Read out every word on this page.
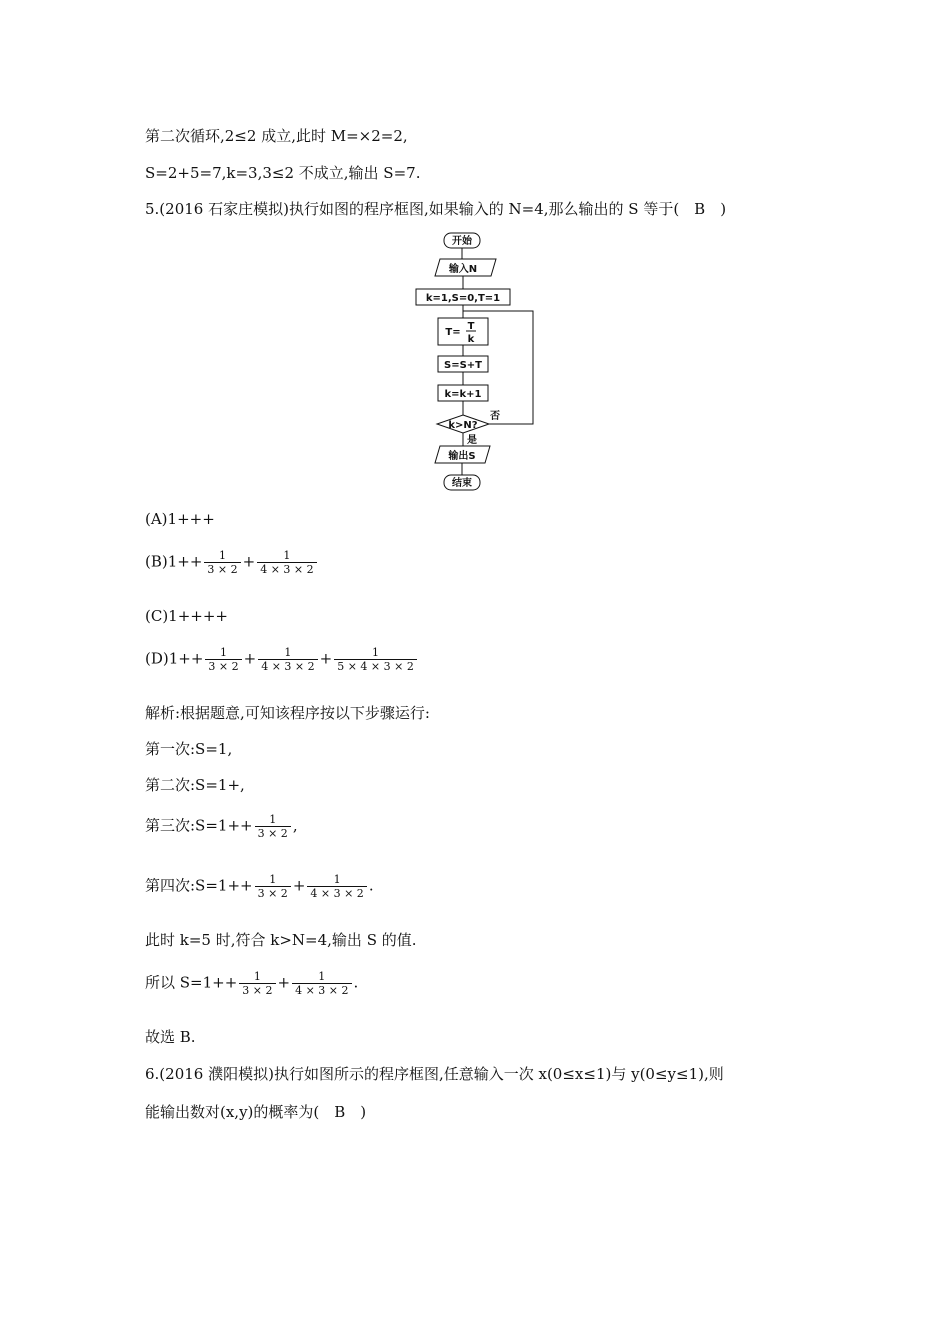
第二次循环,2≤2 成立,此时 M=×2=2,
S=2+5=7,k=3,3≤2 不成立,输出 S=7.
5.(2016 石家庄模拟)执行如图的程序框图,如果输入的 N=4,那么输出的 S 等于(　B　)
开始
输入N
k=1,S=0,T=1
T=
T
k
S=S+T
k=k+1
k>N?
否
是
输出S
结束
(A)1+++
$(B)1++ \frac{1}{3 \times 2} + \frac{1}{4 \times 3 \times 2}$
(C)1++++
$(D)1++ \frac{1}{3 \times 2} + \frac{1}{4 \times 3 \times 2} + \frac{1}{5 \times 4 \times 3 \times 2}$
解析:根据题意,可知该程序按以下步骤运行:
第一次:S=1,
第二次:S=1+,
第三次:S=1++ $\frac{1}{3 \times 2}$ ,
第四次:S=1++ $\frac{1}{3 \times 2} + \frac{1}{4 \times 3 \times 2}$ .
此时 k=5 时,符合 k>N=4,输出 S 的值.
所以 $S=1++ \frac{1}{3 \times 2} + \frac{1}{4 \times 3 \times 2}$ .
故选 B.
6.(2016 濮阳模拟)执行如图所示的程序框图,任意输入一次 x(0≤x≤1)与 y(0≤y≤1),则
能输出数对(x,y)的概率为(　B　)
